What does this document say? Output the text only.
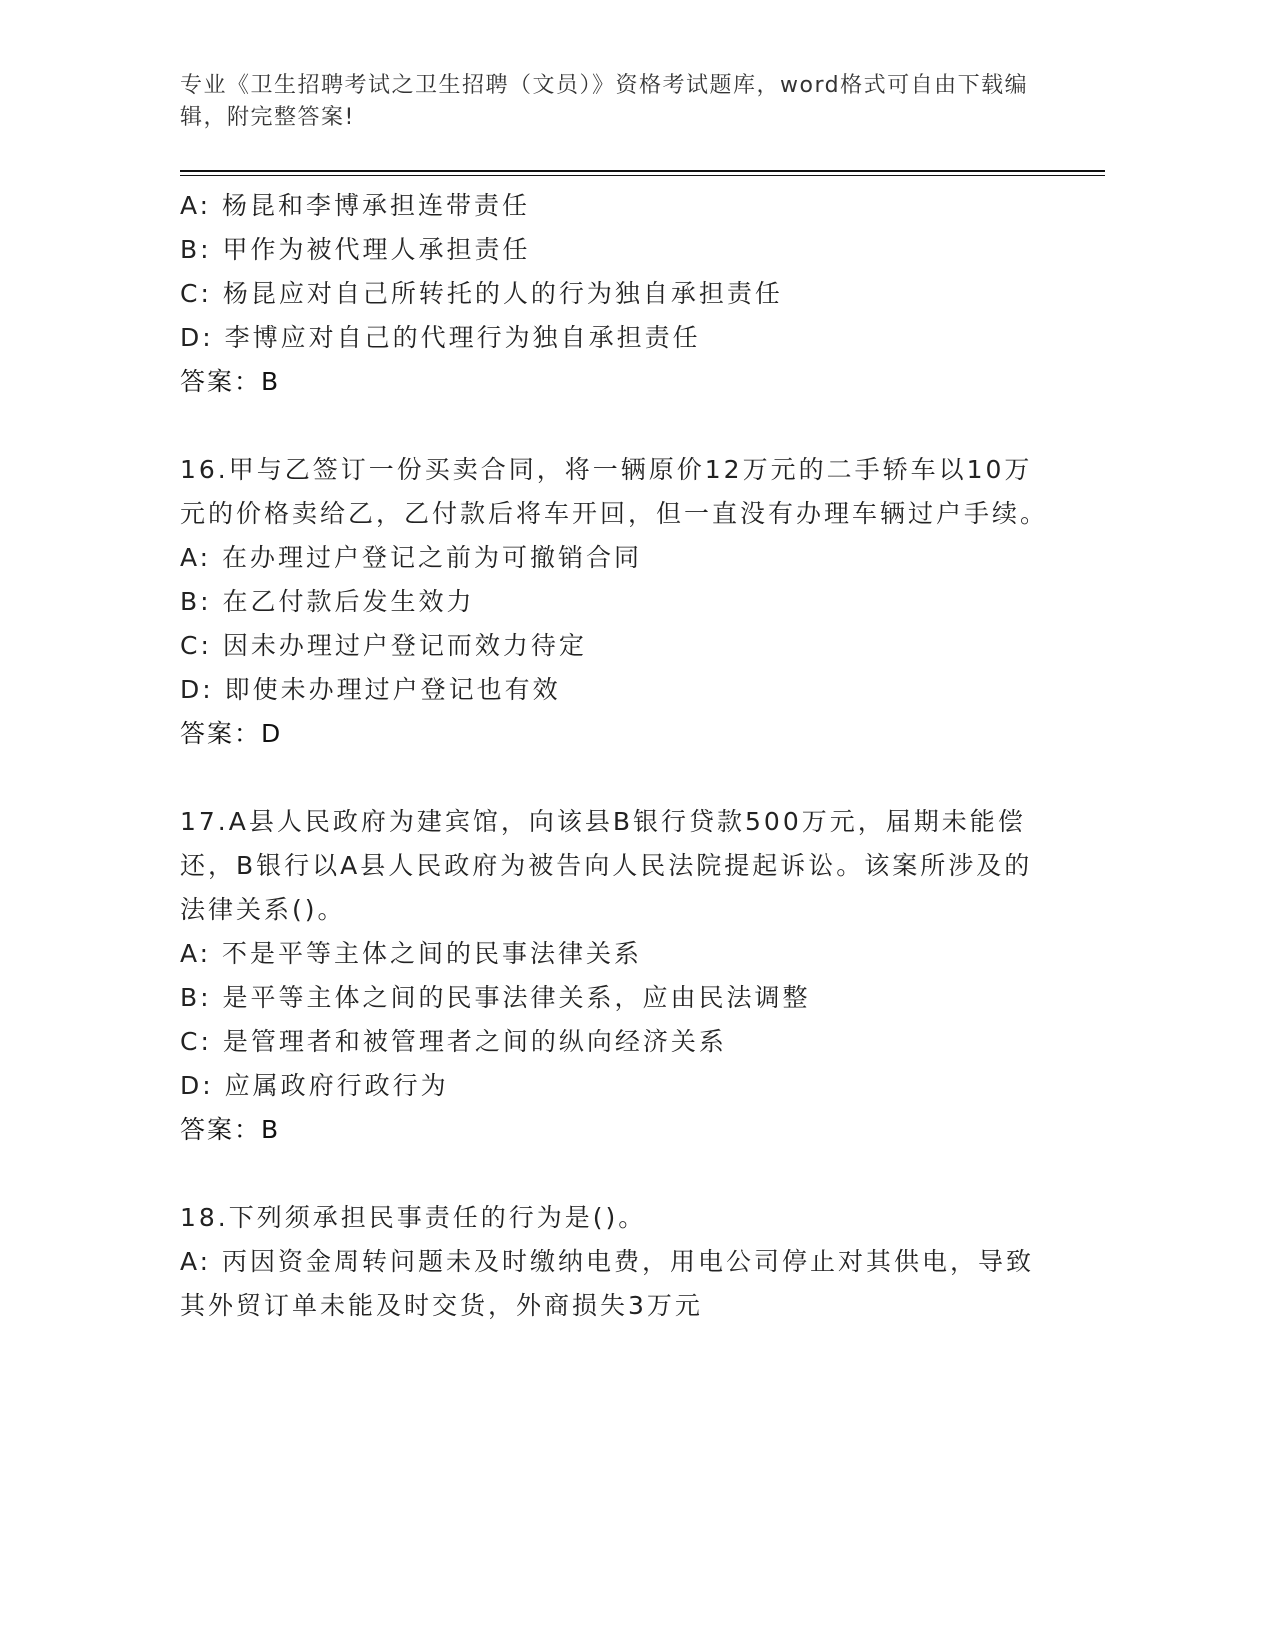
专业《卫生招聘考试之卫生招聘（文员）》资格考试题库，word格式可自由下载编辑，附完整答案!
A: 杨昆和李博承担连带责任
B: 甲作为被代理人承担责任
C: 杨昆应对自己所转托的人的行为独自承担责任
D: 李博应对自己的代理行为独自承担责任
答案：B
16.甲与乙签订一份买卖合同，将一辆原价12万元的二手轿车以10万元的价格卖给乙，乙付款后将车开回，但一直没有办理车辆过户手续。
A: 在办理过户登记之前为可撤销合同
B: 在乙付款后发生效力
C: 因未办理过户登记而效力待定
D: 即使未办理过户登记也有效
答案：D
17.A县人民政府为建宾馆，向该县B银行贷款500万元，届期未能偿还，B银行以A县人民政府为被告向人民法院提起诉讼。该案所涉及的法律关系()。
A: 不是平等主体之间的民事法律关系
B: 是平等主体之间的民事法律关系，应由民法调整
C: 是管理者和被管理者之间的纵向经济关系
D: 应属政府行政行为
答案：B
18.下列须承担民事责任的行为是()。
A: 丙因资金周转问题未及时缴纳电费，用电公司停止对其供电，导致其外贸订单未能及时交货，外商损失3万元
